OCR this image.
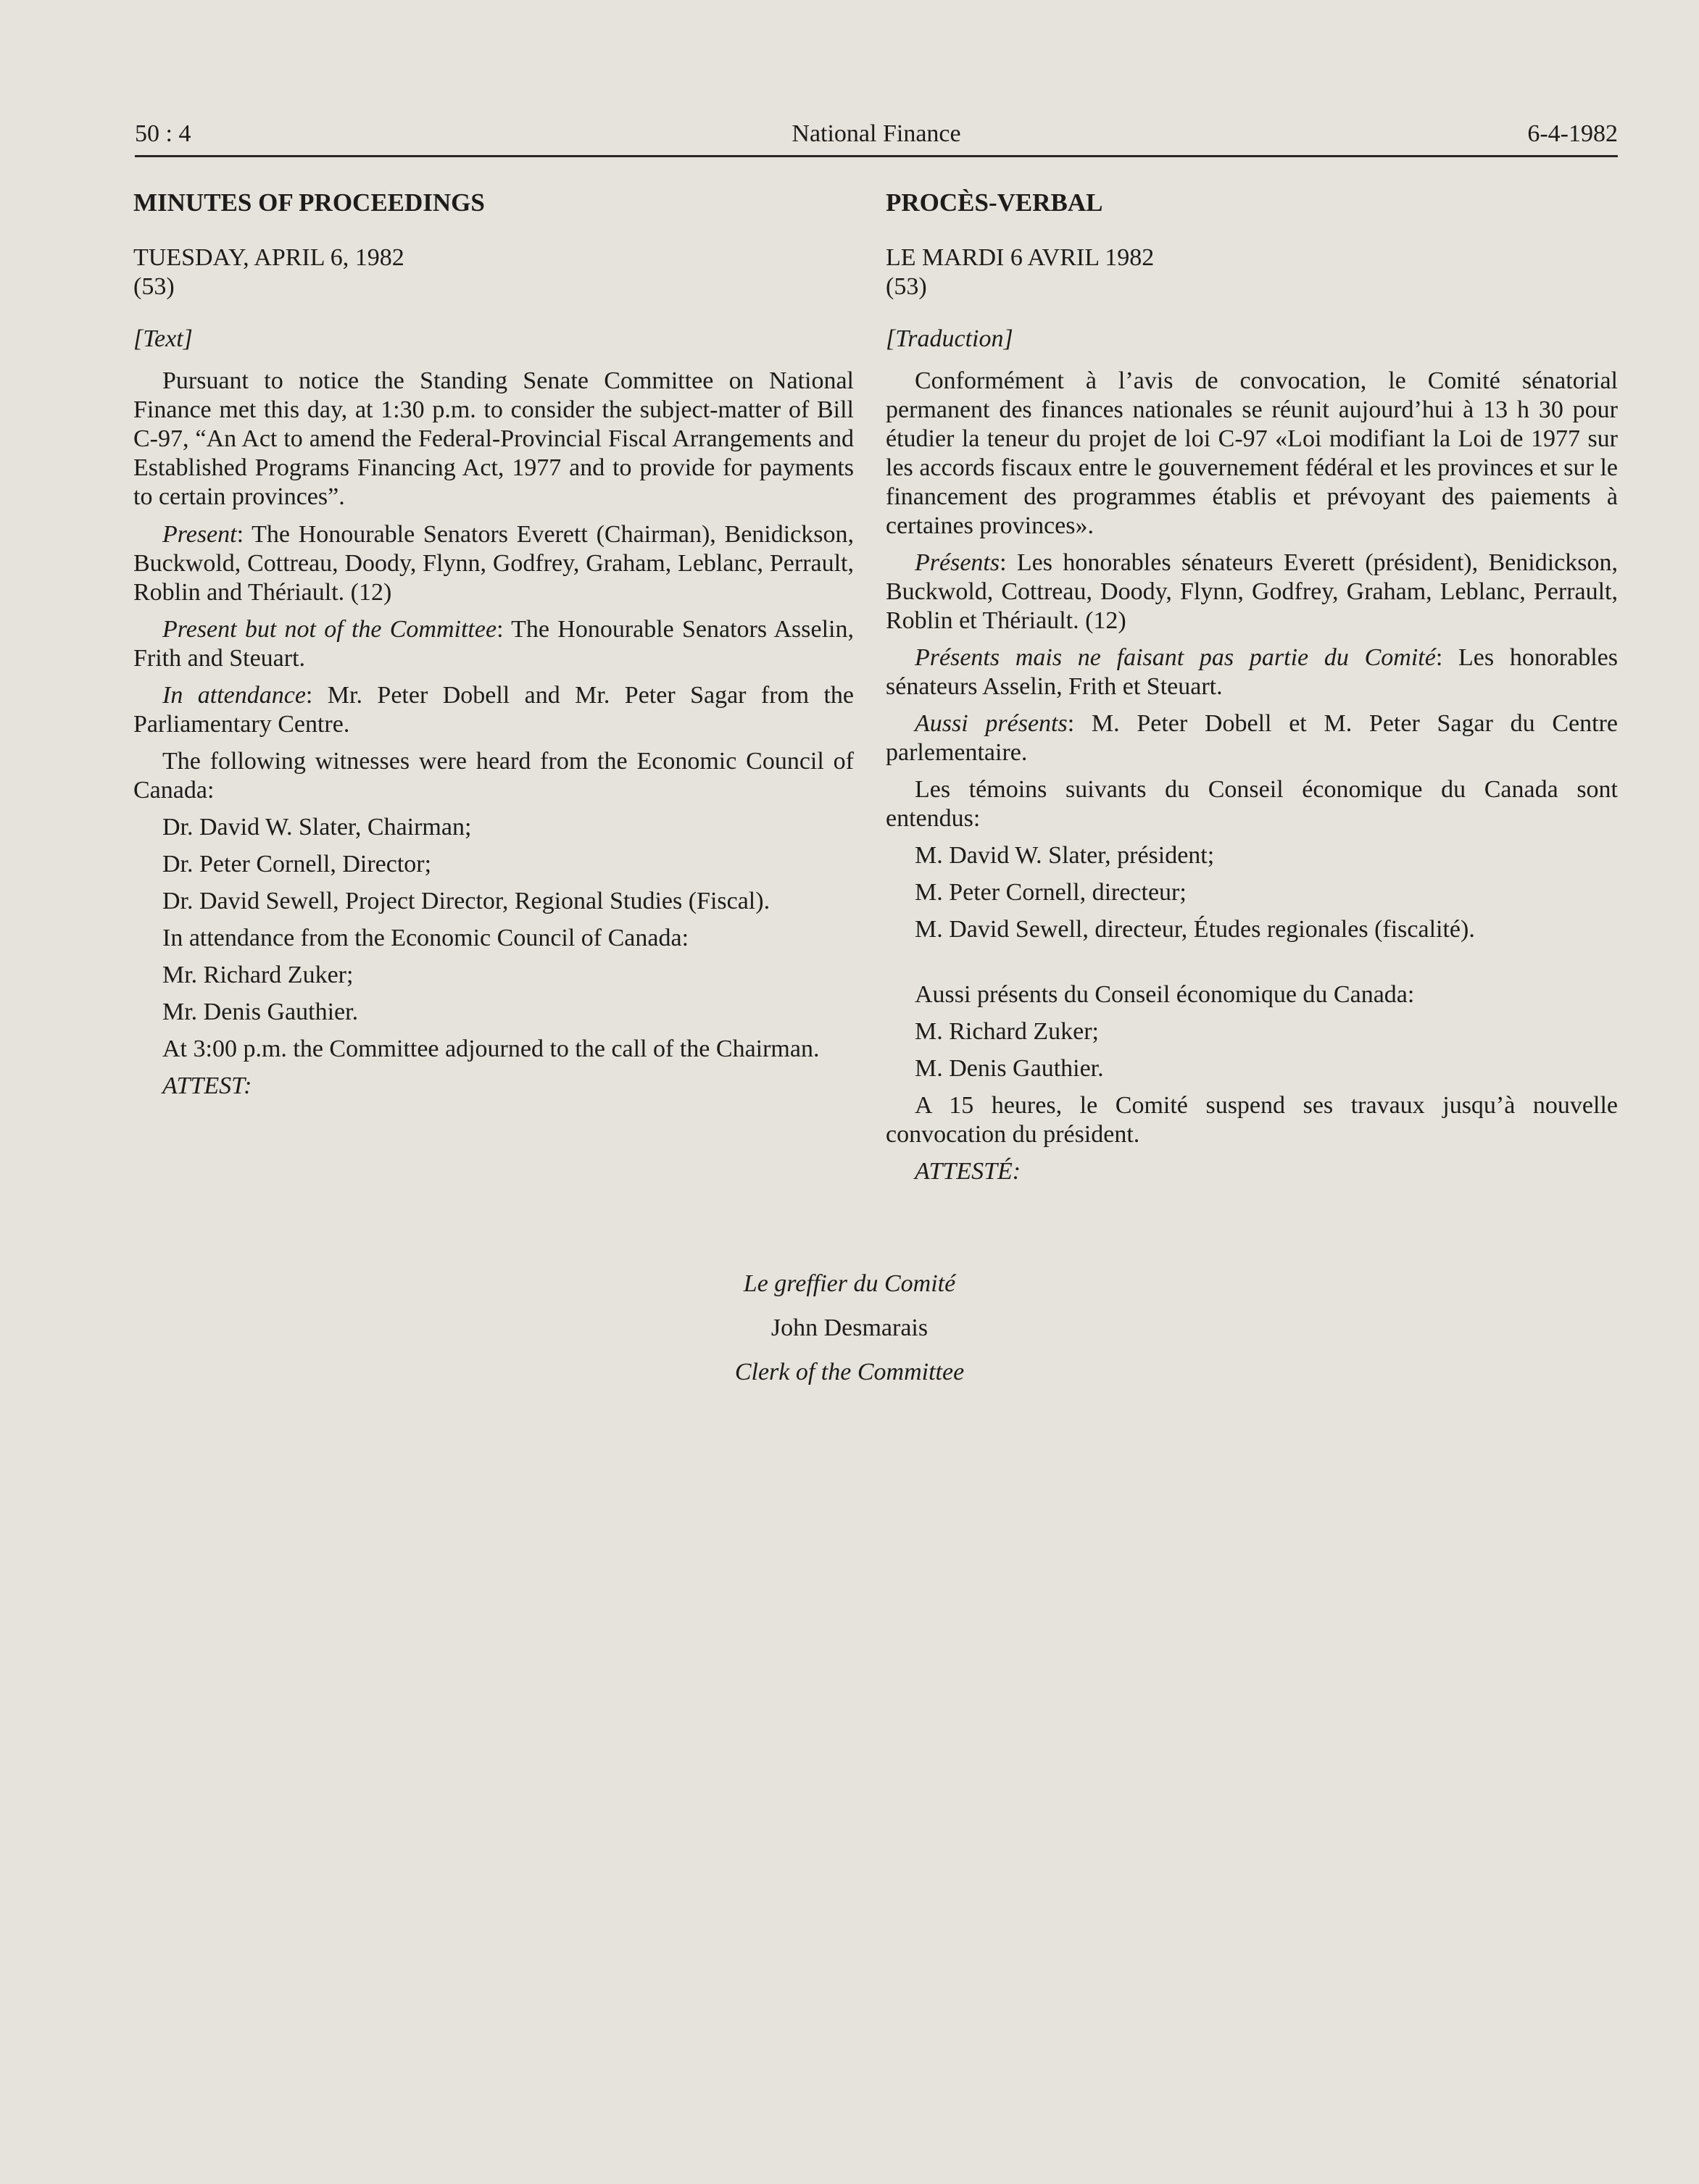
50 : 4	National Finance	6-4-1982

MINUTES OF PROCEEDINGS

TUESDAY, APRIL 6, 1982

(53)

[Text]

Pursuant to notice the Standing Senate Committee on National Finance met this day, at 1:30 p.m. to consider the subject-matter of Bill C-97, “An Act to amend the Federal-Provincial Fiscal Arrangements and Established Programs Financing Act, 1977 and to provide for payments to certain provinces”.

Present: The Honourable Senators Everett (Chairman), Benidickson, Buckwold, Cottreau, Doody, Flynn, Godfrey, Graham, Leblanc, Perrault, Roblin and Thériault. (12)

Present but not of the Committee: The Honourable Senators Asselin, Frith and Steuart.

In attendance: Mr. Peter Dobell and Mr. Peter Sagar from the Parliamentary Centre.

The following witnesses were heard from the Economic Council of Canada:

Dr. David W. Slater, Chairman;

Dr. Peter Cornell, Director;

Dr. David Sewell, Project Director, Regional Studies (Fiscal).

In attendance from the Economic Council of Canada:

Mr. Richard Zuker;

Mr. Denis Gauthier.

At 3:00 p.m. the Committee adjourned to the call of the Chairman.

ATTEST:

PROCÈS-VERBAL

LE MARDI 6 AVRIL 1982

(53)

[Traduction]

Conformément à l’avis de convocation, le Comité sénatorial permanent des finances nationales se réunit aujourd’hui à 13 h 30 pour étudier la teneur du projet de loi C-97 «Loi modifiant la Loi de 1977 sur les accords fiscaux entre le gouvernement fédéral et les provinces et sur le financement des programmes établis et prévoyant des paiements à certaines provinces».

Présents: Les honorables sénateurs Everett (président), Benidickson, Buckwold, Cottreau, Doody, Flynn, Godfrey, Graham, Leblanc, Perrault, Roblin et Thériault. (12)

Présents mais ne faisant pas partie du Comité: Les honorables sénateurs Asselin, Frith et Steuart.

Aussi présents: M. Peter Dobell et M. Peter Sagar du Centre parlementaire.

Les témoins suivants du Conseil économique du Canada sont entendus:

M. David W. Slater, président;

M. Peter Cornell, directeur;

M. David Sewell, directeur, Études regionales (fiscalité).

Aussi présents du Conseil économique du Canada:

M. Richard Zuker;

M. Denis Gauthier.

A 15 heures, le Comité suspend ses travaux jusqu’à nouvelle convocation du président.

ATTESTÉ:

Le greffier du Comité
John Desmarais
Clerk of the Committee
